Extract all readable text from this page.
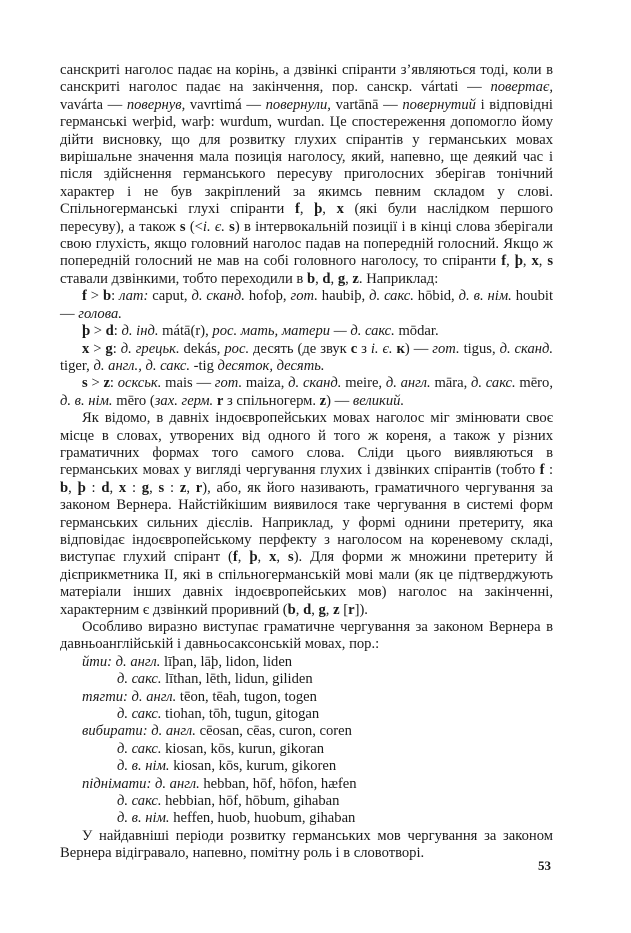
санскриті наголос падає на корінь, а дзвінкі спіранти з’являються тоді, коли в санскриті наголос падає на закінчення, пор. санскр. vártati — повертає, vavárta — повернув, vavrtimá — повернули, vartānā — повернутий і відповідні германські werþid, warþ: wurdum, wurdan. Це спостереження допомогло йому дійти висновку, що для розвитку глухих спірантів у германських мовах вирішальне значення мала позиція наголосу, який, напевно, ще деякий час і після здійснення германського пересуву приголосних зберігав тонічний характер і не був закріплений за якимсь певним складом у слові. Спільногерманські глухі спіранти f, þ, x (які були наслідком першого пересуву), а також s (<і. є. s) в інтервокальній позиції і в кінці слова зберігали свою глухість, якщо головний наголос падав на попередній голосний. Якщо ж попередній голосний не мав на собі головного наголосу, то спіранти f, þ, x, s ставали дзвінкими, тобто переходили в b, d, g, z. Наприклад:

f > b: лат: caput, д. сканд. hofoþ, гот. haubiþ, д. сакс. hōbid, д. в. нім. houbit — голова.

þ > d: д. інд. mátā(r), рос. мать, матери — д. сакс. mōdar.

x > g: д. грецьк. dekás, рос. десять (де звук с з і. є. к) — гот. tigus, д. сканд. tiger, д. англ., д. сакс. -tig десяток, десять.

s > z: оскськ. mais — гот. maiza, д. сканд. meire, д. англ. māra, д. сакс. mēro, д. в. нім. mēro (зах. герм. r з спільногерм. z) — великий.

Як відомо, в давніх індоєвропейських мовах наголос міг змінювати своє місце в словах, утворених від одного й того ж кореня, а також у різних граматичних формах того самого слова. Сліди цього виявляються в германських мовах у вигляді чергування глухих і дзвінких спірантів (тобто f : b, þ : d, x : g, s : z, r), або, як його називають, граматичного чергування за законом Вернера. Найстійкішим виявилося таке чергування в системі форм германських сильних дієслів. Наприклад, у формі однини претериту, яка відповідає індоєвропейському перфекту з наголосом на кореневому складі, виступає глухий спірант (f, þ, x, s). Для форми ж множини претериту й дієприкметника II, які в спільногерманській мові мали (як це підтверджують матеріали інших давніх індоєвропейських мов) наголос на закінченні, характерним є дзвінкий проривний (b, d, g, z [r]).

Особливо виразно виступає граматичне чергування за законом Вернера в давньоанглійській і давньосаксонській мовах, пор.:

йти: д. англ. līþan, lāþ, lidon, liden
д. сакс. līthan, lēth, lidun, giliden
тягти: д. англ. tēon, tēah, tugon, togen
д. сакс. tiohan, tōh, tugun, gitogan
вибирати: д. англ. cēosan, cēas, curon, coren
д. сакс. kiosan, kōs, kurun, gikoran
д. в. нім. kiosan, kōs, kurum, gikoren
піднімати: д. англ. hebban, hōf, hōfon, hæfen
д. сакс. hebbian, hōf, hōbum, gihaban
д. в. нім. heffen, huob, huobum, gihaban

У найдавніші періоди розвитку германських мов чергування за законом Вернера відігравало, напевно, помітну роль і в словотворі.

53
